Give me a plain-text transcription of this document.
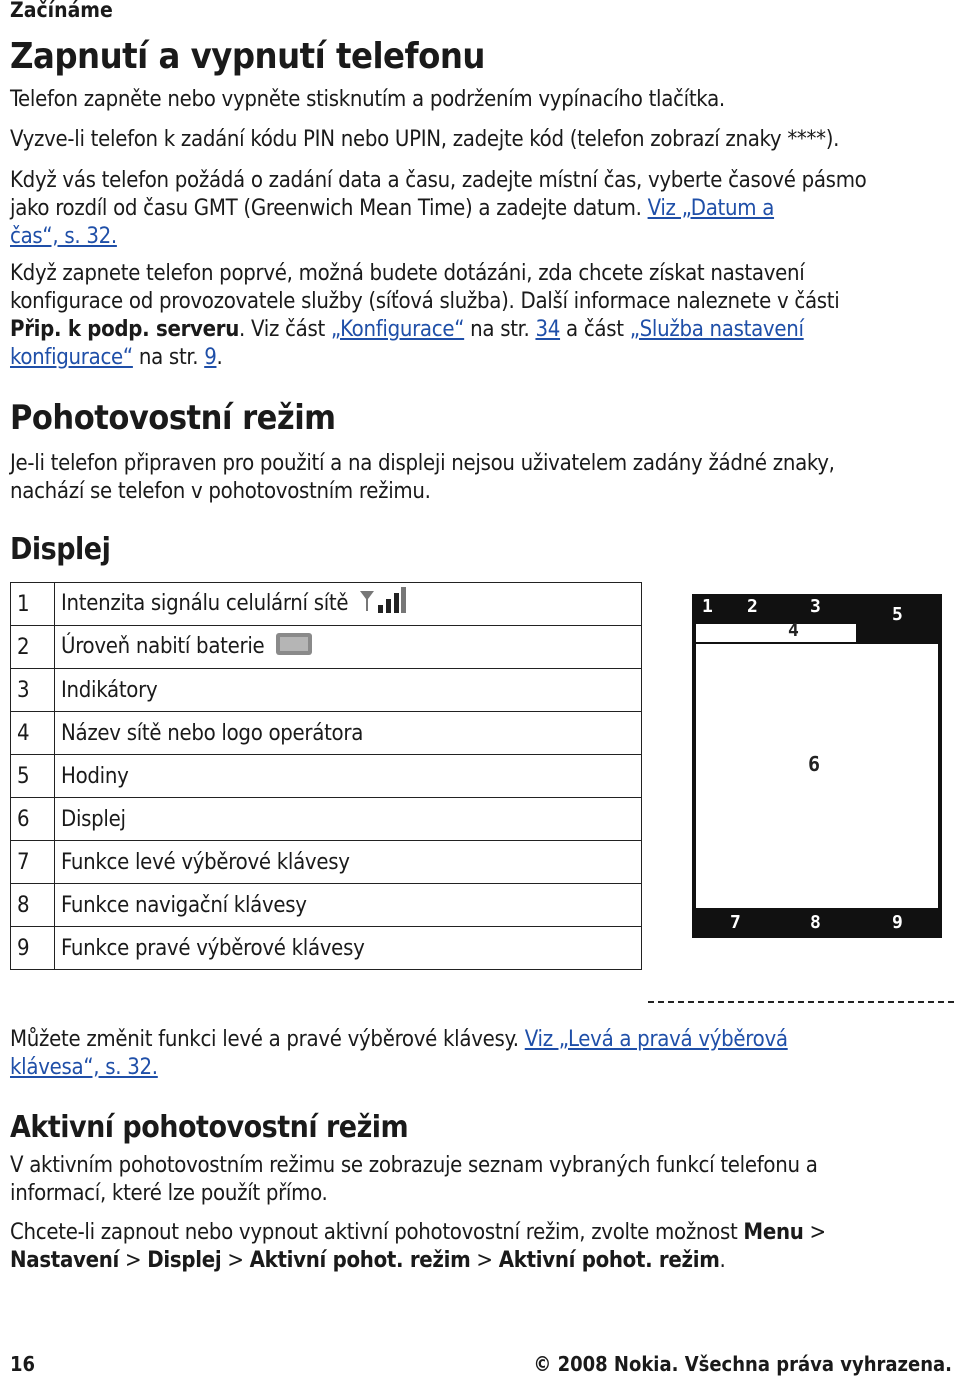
Začínáme
Zapnutí a vypnutí telefonu
Telefon zapněte nebo vypněte stisknutím a podržením vypínacího tlačítka.
Vyzve-li telefon k zadání kódu PIN nebo UPIN, zadejte kód (telefon zobrazí znaky ****).
Když vás telefon požádá o zadání data a času, zadejte místní čas, vyberte časové pásmo
jako rozdíl od času GMT (Greenwich Mean Time) a zadejte datum. Viz „Datum a
čas“, s. 32.
Když zapnete telefon poprvé, možná budete dotázáni, zda chcete získat nastavení
konfigurace od provozovatele služby (síťová služba). Další informace naleznete v části
Přip. k podp. serveru. Viz část „Konfigurace“ na str. 34 a část „Služba nastavení
konfigurace“ na str. 9.
Pohotovostní režim
Je-li telefon připraven pro použití a na displeji nejsou uživatelem zadány žádné znaky,
nachází se telefon v pohotovostním režimu.
Displej
1	Intenzita signálu celulární sítě
2	Úroveň nabití baterie
3	Indikátory
4	Název sítě nebo logo operátora
5	Hodiny
6	Displej
7	Funkce levé výběrové klávesy
8	Funkce navigační klávesy
9	Funkce pravé výběrové klávesy
1 2	3
4
5
6
7	8	9
Můžete změnit funkci levé a pravé výběrové klávesy. Viz „Levá a pravá výběrová
klávesa“, s. 32.
Aktivní pohotovostní režim
V aktivním pohotovostním režimu se zobrazuje seznam vybraných funkcí telefonu a
informací, které lze použít přímo.
Chcete-li zapnout nebo vypnout aktivní pohotovostní režim, zvolte možnost Menu >
Nastavení > Displej > Aktivní pohot. režim > Aktivní pohot. režim.
16	© 2008 Nokia. Všechna práva vyhrazena.
